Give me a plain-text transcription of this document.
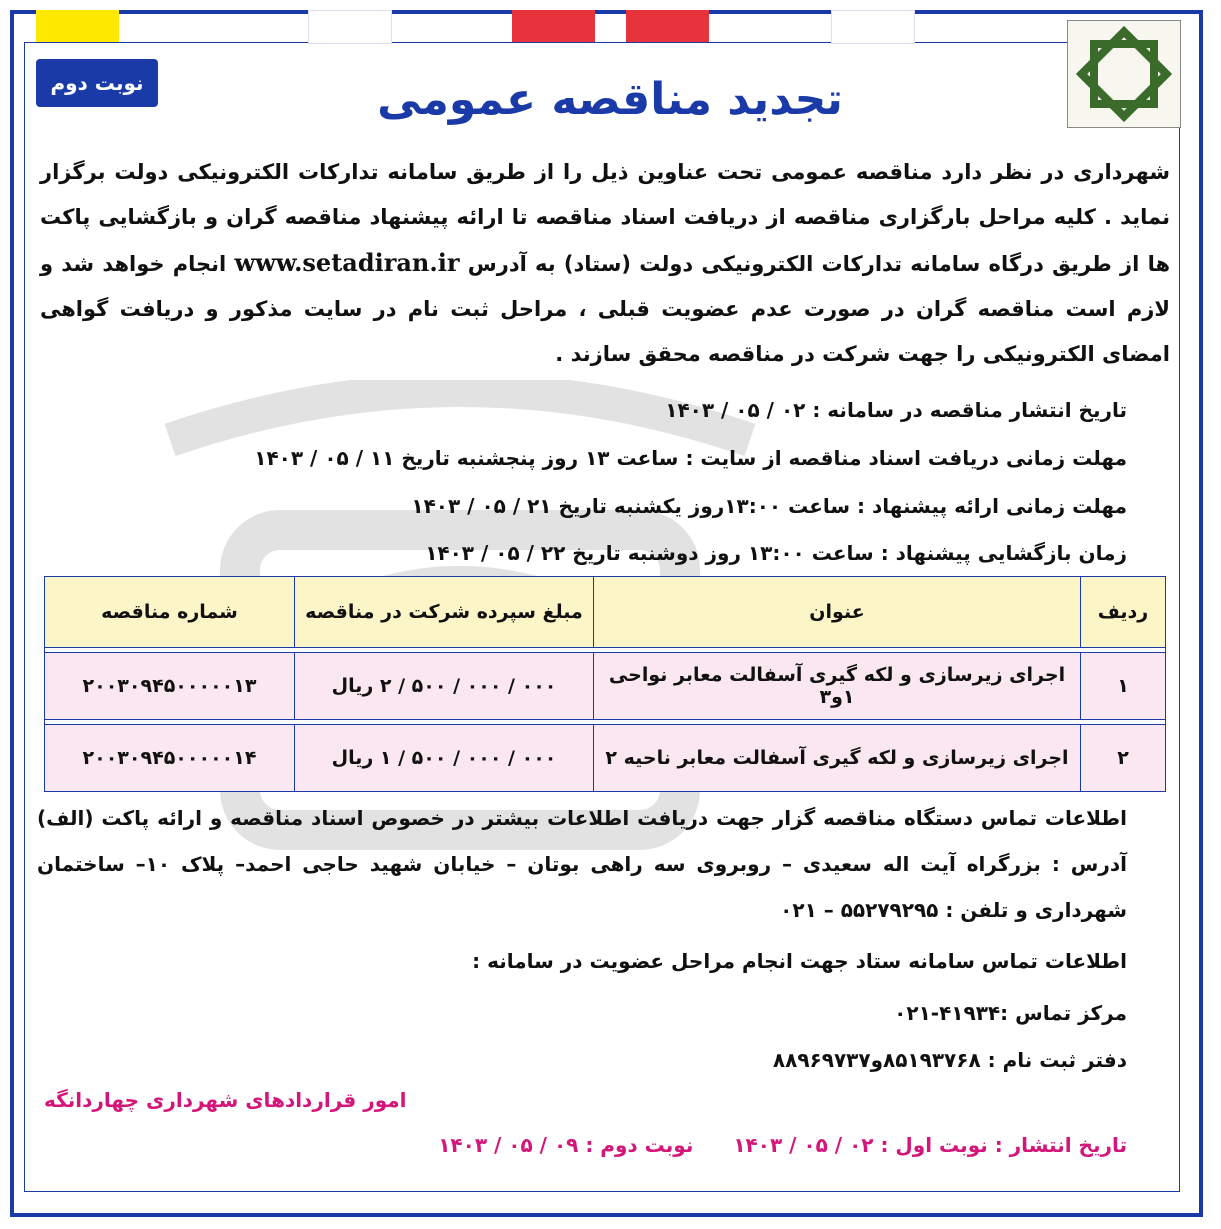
نوبت دوم	تجدید مناقصه عمومی
شهرداری در نظر دارد مناقصه عمومی تحت عناوین ذیل را از طریق سامانه تدارکات الکترونیکی دولت برگزار نماید . کلیه مراحل بارگزاری مناقصه از دریافت اسناد مناقصه تا ارائه پیشنهاد مناقصه گران و بازگشایی پاکت ها از طریق درگاه سامانه تدارکات الکترونیکی دولت (ستاد) به آدرس www.setadiran.ir انجام خواهد شد و لازم است مناقصه گران در صورت عدم عضویت قبلی ، مراحل ثبت نام در سایت مذکور و دریافت گواهی امضای الکترونیکی را جهت شرکت در مناقصه محقق سازند .
تاریخ انتشار مناقصه در سامانه : ۰۲ / ۰۵ / ۱۴۰۳
مهلت زمانی دریافت اسناد مناقصه از سایت : ساعت ۱۳ روز پنجشنبه تاریخ ۱۱ / ۰۵ / ۱۴۰۳
مهلت زمانی ارائه پیشنهاد : ساعت ۱۳:۰۰روز یکشنبه تاریخ ۲۱ / ۰۵ / ۱۴۰۳
زمان بازگشایی پیشنهاد : ساعت ۱۳:۰۰ روز دوشنبه تاریخ ۲۲ / ۰۵ / ۱۴۰۳
ردیف	عنوان	مبلغ سپرده شرکت در مناقصه	شماره مناقصه

۱	اجرای زیرسازی و لکه گیری آسفالت معابر نواحی ۱و۳	۰۰۰ / ۰۰۰ / ۵۰۰ / ۲ ریال	۲۰۰۳۰۹۴۵۰۰۰۰۰۱۳

۲	اجرای زیرسازی و لکه گیری آسفالت معابر ناحیه ۲	۰۰۰ / ۰۰۰ / ۵۰۰ / ۱ ریال	۲۰۰۳۰۹۴۵۰۰۰۰۰۱۴
اطلاعات تماس دستگاه مناقصه گزار جهت دریافت اطلاعات بیشتر در خصوص اسناد مناقصه و ارائه پاکت (الف) آدرس : بزرگراه آیت اله سعیدی – روبروی سه راهی بوتان – خیابان شهید حاجی احمد– پلاک ۱۰– ساختمان شهرداری و تلفن : ۵۵۲۷۹۲۹۵ – ۰۲۱
اطلاعات تماس سامانه ستاد جهت انجام مراحل عضویت در سامانه :
مرکز تماس :۴۱۹۳۴-۰۲۱
دفتر ثبت نام : ۸۵۱۹۳۷۶۸و۸۸۹۶۹۷۳۷
امور قراردادهای شهرداری چهاردانگه
تاریخ انتشار : نوبت اول : ۰۲ / ۰۵ / ۱۴۰۳نوبت دوم : ۰۹ / ۰۵ / ۱۴۰۳
